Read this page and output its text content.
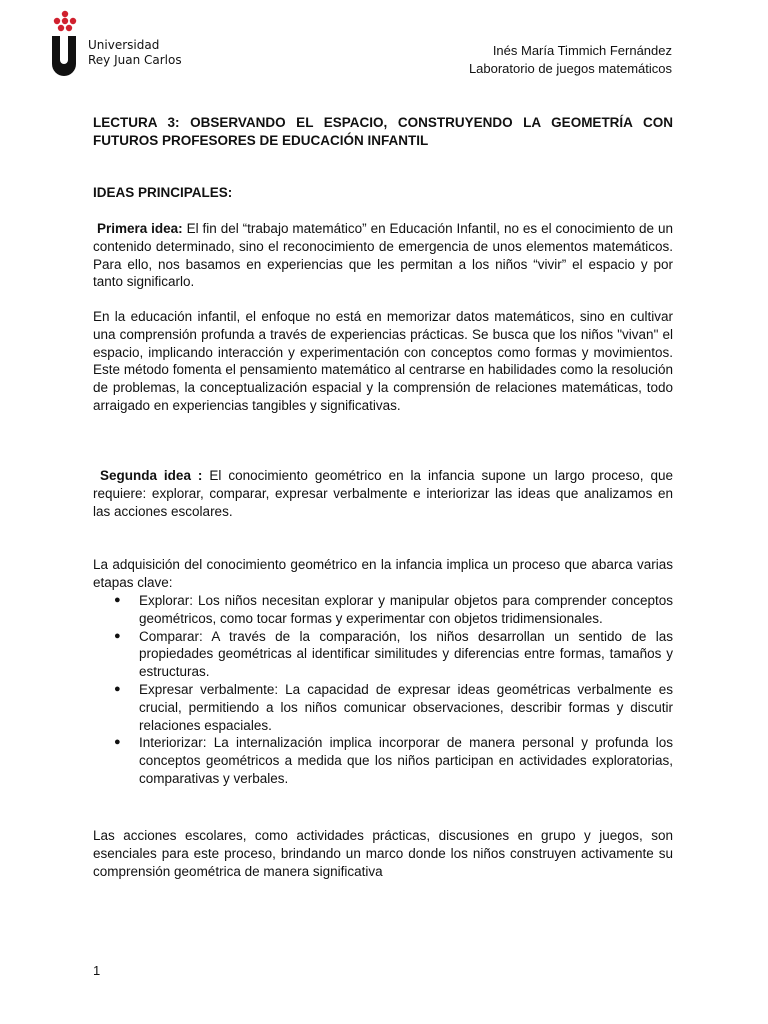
Universidad
Rey Juan Carlos
Inés María Timmich Fernández
Laboratorio de juegos matemáticos
LECTURA 3: OBSERVANDO EL ESPACIO, CONSTRUYENDO LA GEOMETRÍA CON FUTUROS PROFESORES DE EDUCACIÓN INFANTIL
IDEAS PRINCIPALES:
Primera idea: El fin del “trabajo matemático” en Educación Infantil, no es el conocimiento de un contenido determinado, sino el reconocimiento de emergencia de unos elementos matemáticos. Para ello, nos basamos en experiencias que les permitan a los niños “vivir” el espacio y por tanto significarlo.
En la educación infantil, el enfoque no está en memorizar datos matemáticos, sino en cultivar una comprensión profunda a través de experiencias prácticas. Se busca que los niños "vivan" el espacio, implicando interacción y experimentación con conceptos como formas y movimientos. Este método fomenta el pensamiento matemático al centrarse en habilidades como la resolución de problemas, la conceptualización espacial y la comprensión de relaciones matemáticas, todo arraigado en experiencias tangibles y significativas.
Segunda idea : El conocimiento geométrico en la infancia supone un largo proceso, que requiere: explorar, comparar, expresar verbalmente e interiorizar las ideas que analizamos en las acciones escolares.
La adquisición del conocimiento geométrico en la infancia implica un proceso que abarca varias etapas clave:
● Explorar: Los niños necesitan explorar y manipular objetos para comprender conceptos geométricos, como tocar formas y experimentar con objetos tridimensionales.
● Comparar: A través de la comparación, los niños desarrollan un sentido de las propiedades geométricas al identificar similitudes y diferencias entre formas, tamaños y estructuras.
● Expresar verbalmente: La capacidad de expresar ideas geométricas verbalmente es crucial, permitiendo a los niños comunicar observaciones, describir formas y discutir relaciones espaciales.
● Interiorizar: La internalización implica incorporar de manera personal y profunda los conceptos geométricos a medida que los niños participan en actividades exploratorias, comparativas y verbales.
Las acciones escolares, como actividades prácticas, discusiones en grupo y juegos, son esenciales para este proceso, brindando un marco donde los niños construyen activamente su comprensión geométrica de manera significativa
1
